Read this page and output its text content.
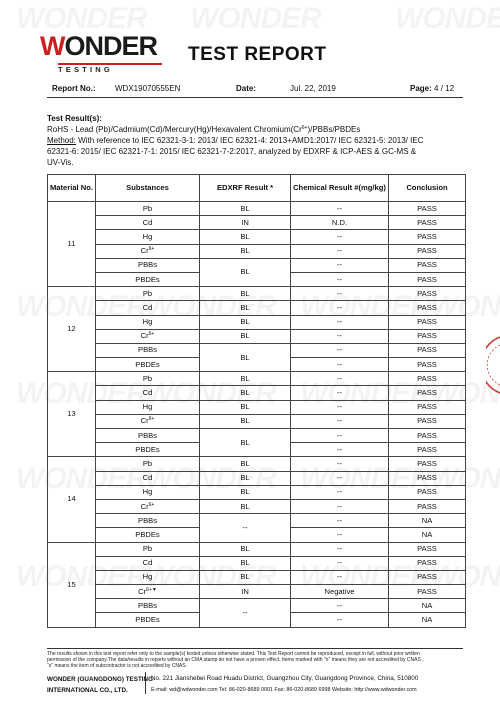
WONDER
TESTING
TEST REPORT
Report No.: WDX19070555EN	Date:	Jul. 22, 2019	Page: 4 / 12
Test Result(s):
RoHS - Lead (Pb)/Cadmium(Cd)/Mercury(Hg)/Hexavalent $Chromium(Cr^{6+})/PBBs$/PBDEs
Method: With reference to IEC 62321-3-1: 2013/ IEC 62321-4: 2013+AMD1:2017/ IEC 62321-5: 2013/ IEC
62321-6: 2015/ IEC 62321-7-1: 2015/ IEC 62321-7-2:2017, analyzed by EDXRF & ICP-AES & GC-MS &
UV-Vis.
Material No.	Substances	EDXRF Result *	Chemical Result #(mg/kg)	Conclusion
11	Pb	BL	--	PASS
	Cd	IN	N.D.	PASS
	Hg	BL	--	PASS
	$Cr^{6+}$	BL	--	PASS
	PBBs	BL	--	PASS
	PBDEs		--	PASS
12	Pb	BL	--	PASS
	Cd	BL	--	PASS
	Hg	BL	--	PASS
	$Cr^{6+}$	BL	--	PASS
	PBBs	BL	--	PASS
	PBDEs		--	PASS
13	Pb	BL	--	PASS
	Cd	BL	--	PASS
	Hg	BL	--	PASS
	$Cr^{6+}$	BL	--	PASS
	PBBs	BL	--	PASS
	PBDEs		--	PASS
14	Pb	BL	--	PASS
	Cd	BL	--	PASS
	Hg	BL	--	PASS
	$Cr^{6+}$	BL	--	PASS
	PBBs	--	--	NA
	PBDEs		--	NA
15	Pb	BL	--	PASS
	Cd	BL	--	PASS
	Hg	BL	--	PASS
	$Cr^{6+▼}$	IN	Negative	PASS
	PBBs	--	--	NA
	PBDEs		--	NA
The results shown in this test report refer only to the sample(s) tested unless otherwise stated. This Test Report cannot be reproduced, except in full, without prior written
permission of the company.The data/results in reports without an CMA stamp do not have a proven effect. Items marked with "n" means they are not accredited by CNAS ,
"s" means the item of subcontractor is not accredited by CNAS.
WONDER (GUANGDONG) TESTING
INTERNATIONAL CO., LTD.
No. 221 Jianshebei Road Huadu District, Guangzhou City, Guangdong Province, China, 510800
E-mail: wd@wdwonder.com Tel: 86-020-8689 0001 Fax: 86-020-8689 6998 Website: http://www.wdwonder.com
